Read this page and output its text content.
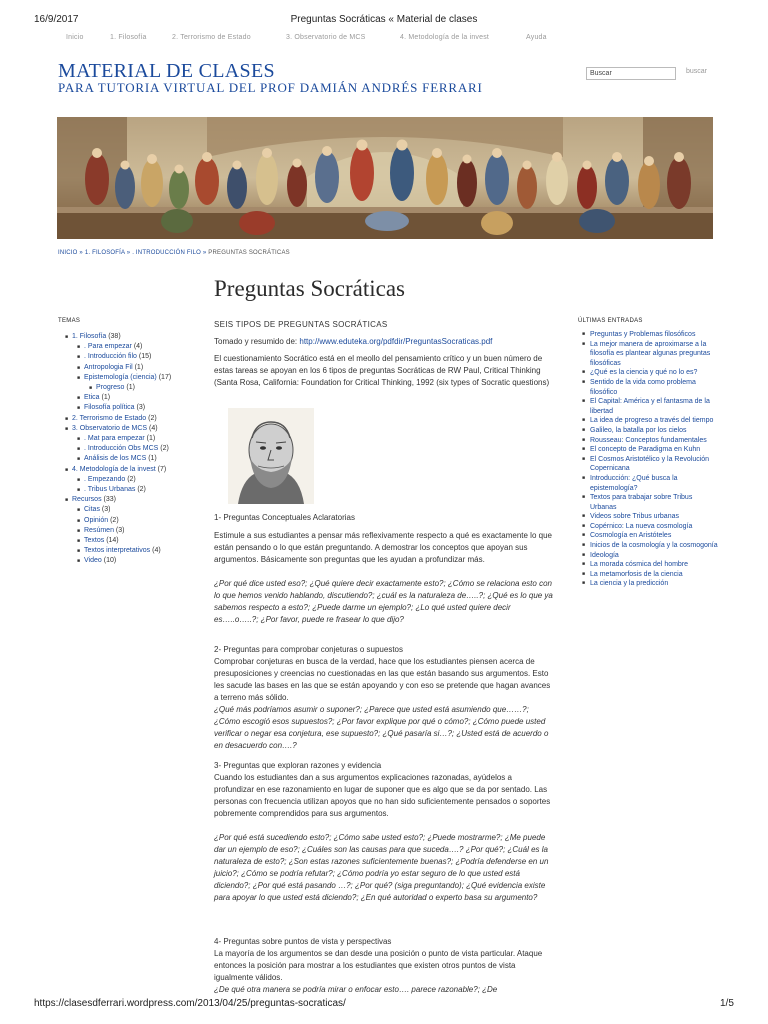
16/9/2017	Preguntas Socráticas « Material de clases
Inicio	1. Filosofía	2. Terrorismo de Estado	3. Observatorio de MCS	4. Metodología de la invest	Ayuda
MATERIAL DE CLASES
PARA TUTORIA VIRTUAL DEL PROF DAMIÁN ANDRÉS FERRARI
Buscar
buscar
INICIO » 1. FILOSOFÍA » . INTRODUCCIÓN FILO » PREGUNTAS SOCRÁTICAS
Preguntas Socráticas
TEMAS
■ 1. Filosofía (38)
■ . Para empezar (4)
■ . Introducción filo (15)
■ Antropologia Fil (1)
■ Epistemología (ciencia) (17)
■ Progreso (1)
■ Etica (1)
■ Filosofía política (3)
■ 2. Terrorismo de Estado (2)
■ 3. Observatorio de MCS (4)
■ . Mat para empezar (1)
■ . Introducción Obs MCS (2)
■ Análisis de los MCS (1)
■ 4. Metodología de la invest (7)
■ . Empezando (2)
■ . Tribus Urbanas (2)
■ Recursos (33)
■ Citas (3)
■ Opinión (2)
■ Resúmen (3)
■ Textos (14)
■ Textos interpretativos (4)
■ Video (10)
SEIS TIPOS DE PREGUNTAS SOCRÁTICAS
Tomado y resumido de: http://www.eduteka.org/pdfdir/PreguntasSocraticas.pdf
El cuestionamiento Socrático está en el meollo del pensamiento crítico y un buen número de estas tareas se apoyan en los 6 tipos de preguntas Socráticas de RW Paul, Critical Thinking (Santa Rosa, California: Foundation for Critical Thinking, 1992 (six types of Socratic questions)
1- Preguntas Conceptuales Aclaratorias
Estimule a sus estudiantes a pensar más reflexivamente respecto a qué es exactamente lo que están pensando o lo que están preguntando. A demostrar los conceptos que apoyan sus argumentos. Básicamente son preguntas que les ayudan a profundizar más.
¿Por qué dice usted eso?; ¿Qué quiere decir exactamente esto?; ¿Cómo se relaciona esto con lo que hemos venido hablando, discutiendo?; ¿cuál es la naturaleza de…..?; ¿Qué es lo que ya sabemos respecto a esto?; ¿Puede darme un ejemplo?; ¿Lo qué usted quiere decir es…..o…..?; ¿Por favor, puede re frasear lo que dijo?
2- Preguntas para comprobar conjeturas o supuestos
Comprobar conjeturas en busca de la verdad, hace que los estudiantes piensen acerca de presuposiciones y creencias no cuestionadas en las que están basando sus argumentos. Esto les sacude las bases en las que se están apoyando y con eso se pretende que hagan avances a terreno más sólido.
¿Qué más podríamos asumir o suponer?; ¿Parece que usted está asumiendo que……?; ¿Cómo escogió esos supuestos?; ¿Por favor explique por qué o cómo?; ¿Cómo puede usted verificar o negar esa conjetura, ese supuesto?; ¿Qué pasaría si…?; ¿Usted está de acuerdo o en desacuerdo con….?
3- Preguntas que exploran razones y evidencia
Cuando los estudiantes dan a sus argumentos explicaciones razonadas, ayúdelos a profundizar en ese razonamiento en lugar de suponer que es algo que se da por sentado. Las personas con frecuencia utilizan apoyos que no han sido suficientemente pensados o soportes pobremente comprendidos para sus argumentos.
¿Por qué está sucediendo esto?; ¿Cómo sabe usted esto?; ¿Puede mostrarme?; ¿Me puede dar un ejemplo de eso?; ¿Cuáles son las causas para que suceda….? ¿Por qué?; ¿Cuál es la naturaleza de esto?; ¿Son estas razones suficientemente buenas?; ¿Podría defenderse en un juicio?; ¿Cómo se podría refutar?; ¿Cómo podría yo estar seguro de lo que usted está diciendo?; ¿Por qué está pasando …?; ¿Por qué? (siga preguntando); ¿Qué evidencia existe para apoyar lo que usted está diciendo?; ¿En qué autoridad o experto basa su argumento?
4- Preguntas sobre puntos de vista y perspectivas
La mayoría de los argumentos se dan desde una posición o punto de vista particular. Ataque entonces la posición para mostrar a los estudiantes que existen otros puntos de vista igualmente válidos.
¿De qué otra manera se podría mirar o enfocar esto…. parece razonable?; ¿De
ÚLTIMAS ENTRADAS
■ Preguntas y Problemas filosóficos
■ La mejor manera de aproximarse a la filosofía es plantear algunas preguntas filosóficas
■ ¿Qué es la ciencia y qué no lo es?
■ Sentido de la vida como problema filosófico
■ El Capital: América y el fantasma de la libertad
■ La idea de progreso a través del tiempo
■ Galileo, la batalla por los cielos
■ Rousseau: Conceptos fundamentales
■ El concepto de Paradigma en Kuhn
■ El Cosmos Aristotélico y la Revolución Copernicana
■ Introducción: ¿Qué busca la epistemología?
■ Textos para trabajar sobre Tribus Urbanas
■ Videos sobre Tribus urbanas
■ Copérnico: La nueva cosmología
■ Cosmología en Aristóteles
■ Inicios de la cosmología y la cosmogonía
■ Ideología
■ La morada cósmica del hombre
■ La metamorfosis de la ciencia
■ La ciencia y la predicción
https://clasesdferrari.wordpress.com/2013/04/25/preguntas-socraticas/	1/5
